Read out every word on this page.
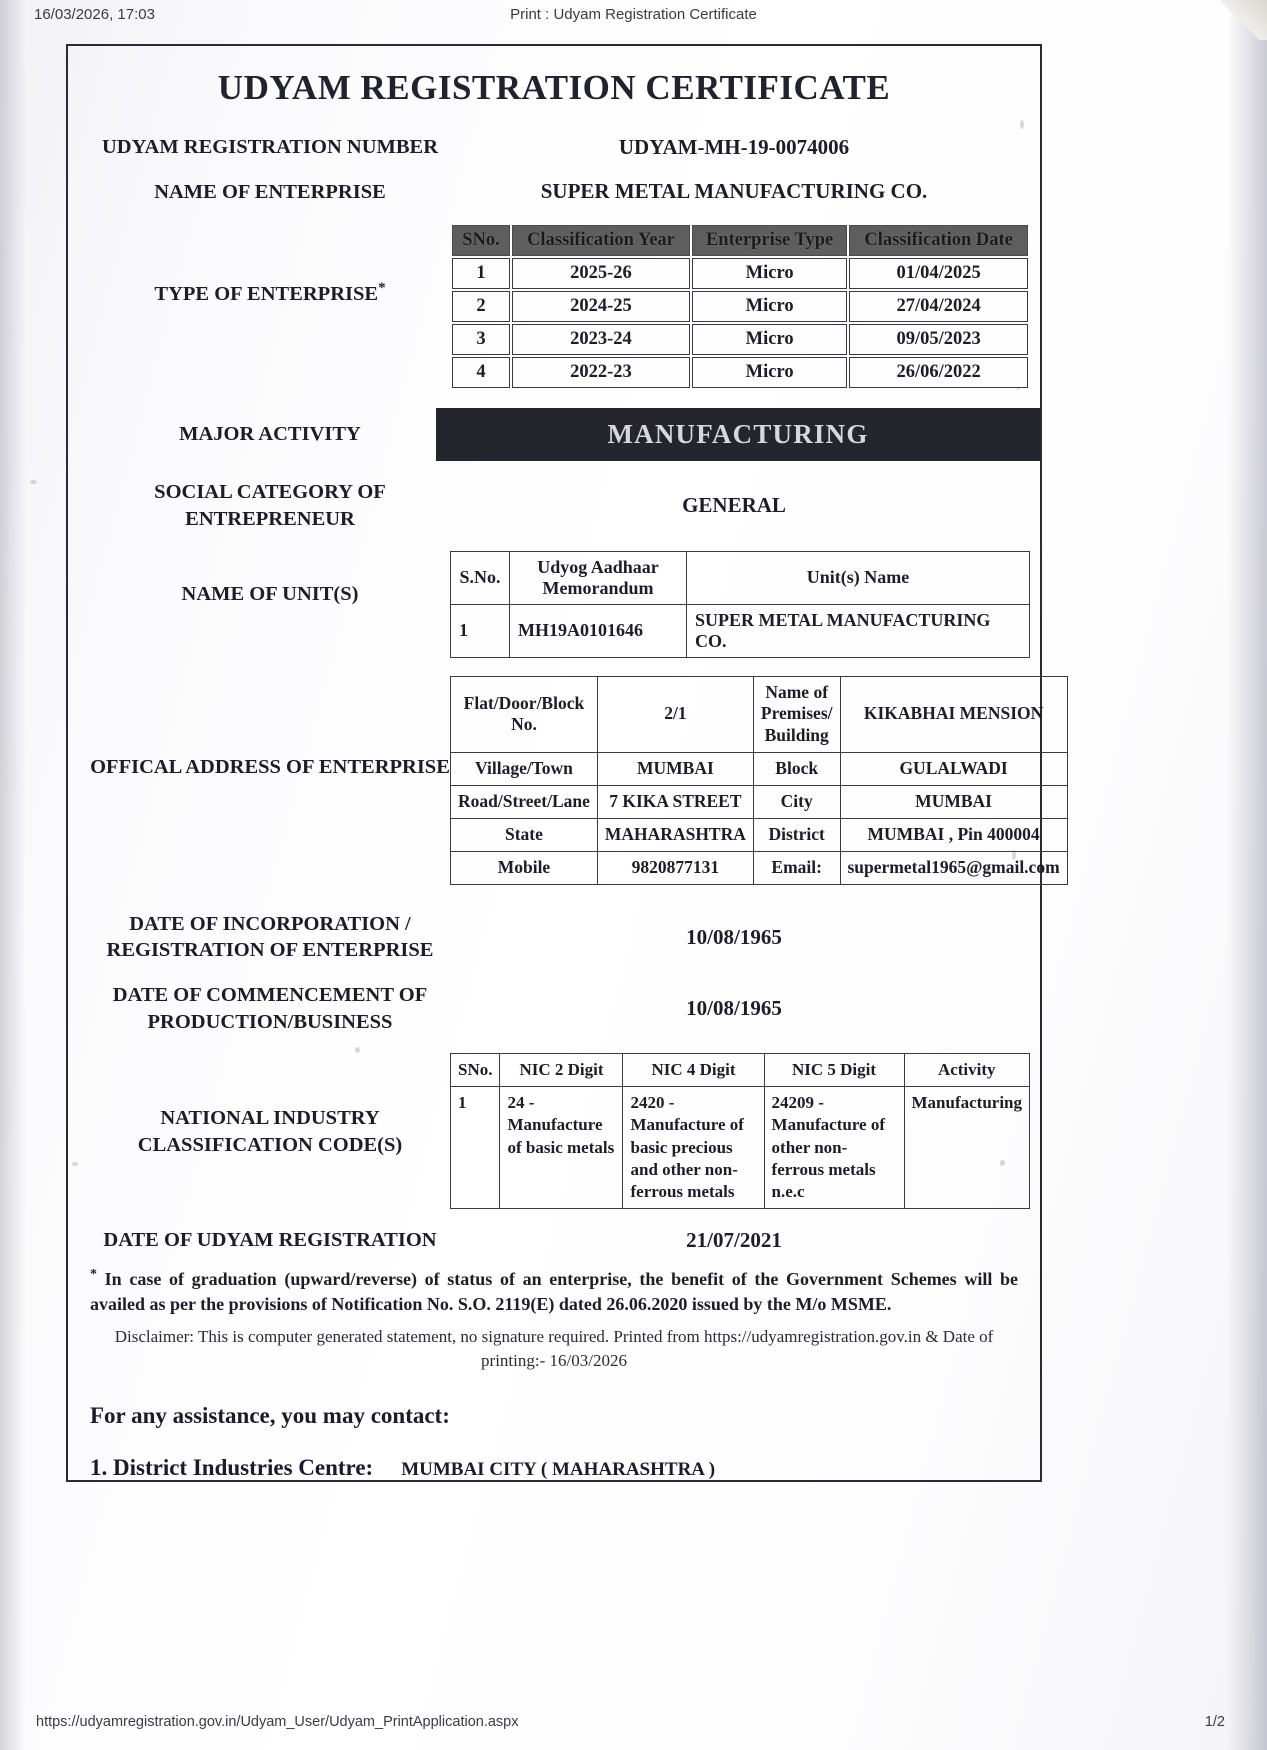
16/03/2026, 17:03	Print : Udyam Registration Certificate
UDYAM REGISTRATION CERTIFICATE
UDYAM REGISTRATION NUMBER	UDYAM-MH-19-0074006
NAME OF ENTERPRISE	SUPER METAL MANUFACTURING CO.
TYPE OF ENTERPRISE*
SNo.	Classification Year	Enterprise Type	Classification Date
1	2025-26	Micro	01/04/2025
2	2024-25	Micro	27/04/2024
3	2023-24	Micro	09/05/2023
4	2022-23	Micro	26/06/2022
MAJOR ACTIVITY	MANUFACTURING
SOCIAL CATEGORY OF ENTREPRENEUR
GENERAL
NAME OF UNIT(S)
S.No.	Udyog Aadhaar Memorandum	Unit(s) Name
1	MH19A0101646	SUPER METAL MANUFACTURING CO.
OFFICAL ADDRESS OF ENTERPRISE
Flat/Door/Block No.	2/1	Name of Premises/ Building	KIKABHAI MENSION
Village/Town	MUMBAI	Block	GULALWADI
Road/Street/Lane	7 KIKA STREET	City	MUMBAI
State	MAHARASHTRA	District	MUMBAI , Pin 400004
Mobile	9820877131	Email:	supermetal1965@gmail.com
DATE OF INCORPORATION / REGISTRATION OF ENTERPRISE
10/08/1965
DATE OF COMMENCEMENT OF PRODUCTION/BUSINESS
10/08/1965
NATIONAL INDUSTRY CLASSIFICATION CODE(S)
SNo.	NIC 2 Digit	NIC 4 Digit	NIC 5 Digit	Activity
1	24 - Manufacture of basic metals	2420 - Manufacture of basic precious and other non-ferrous metals	24209 - Manufacture of other non-ferrous metals n.e.c	Manufacturing
DATE OF UDYAM REGISTRATION	21/07/2021
* In case of graduation (upward/reverse) of status of an enterprise, the benefit of the Government Schemes will be availed as per the provisions of Notification No. S.O. 2119(E) dated 26.06.2020 issued by the M/o MSME.
Disclaimer: This is computer generated statement, no signature required. Printed from https://udyamregistration.gov.in & Date of printing:- 16/03/2026
For any assistance, you may contact:
1. District Industries Centre: MUMBAI CITY ( MAHARASHTRA )
https://udyamregistration.gov.in/Udyam_User/Udyam_PrintApplication.aspx	1/2
